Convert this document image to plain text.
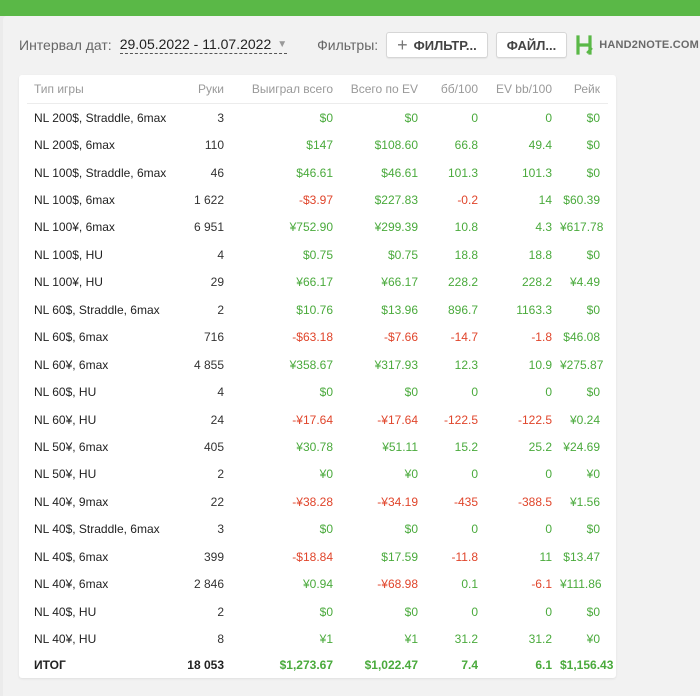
Интервал дат: 29.05.2022 - 11.07.2022 ▼ Фильтры: + ФИЛЬТР... ФАЙЛ...	HAND2NOTE.COM
Тип игры	Руки	Выиграл всего	Всего по EV	бб/100	EV bb/100	Рейк
NL 200$, Straddle, 6max	3	$0	$0	0	0	$0
NL 200$, 6max	110	$147	$108.60	66.8	49.4	$0
NL 100$, Straddle, 6max	46	$46.61	$46.61	101.3	101.3	$0
NL 100$, 6max	1 622	-$3.97	$227.83	-0.2	14	$60.39
NL 100¥, 6max	6 951	¥752.90	¥299.39	10.8	4.3	¥617.78
NL 100$, HU	4	$0.75	$0.75	18.8	18.8	$0
NL 100¥, HU	29	¥66.17	¥66.17	228.2	228.2	¥4.49
NL 60$, Straddle, 6max	2	$10.76	$13.96	896.7	1163.3	$0
NL 60$, 6max	716	-$63.18	-$7.66	-14.7	-1.8	$46.08
NL 60¥, 6max	4 855	¥358.67	¥317.93	12.3	10.9	¥275.87
NL 60$, HU	4	$0	$0	0	0	$0
NL 60¥, HU	24	-¥17.64	-¥17.64	-122.5	-122.5	¥0.24
NL 50¥, 6max	405	¥30.78	¥51.11	15.2	25.2	¥24.69
NL 50¥, HU	2	¥0	¥0	0	0	¥0
NL 40¥, 9max	22	-¥38.28	-¥34.19	-435	-388.5	¥1.56
NL 40$, Straddle, 6max	3	$0	$0	0	0	$0
NL 40$, 6max	399	-$18.84	$17.59	-11.8	11	$13.47
NL 40¥, 6max	2 846	¥0.94	-¥68.98	0.1	-6.1	¥111.86
NL 40$, HU	2	$0	$0	0	0	$0
NL 40¥, HU	8	¥1	¥1	31.2	31.2	¥0
ИТОГ	18 053	$1,273.67	$1,022.47	7.4	6.1	$1,156.43
